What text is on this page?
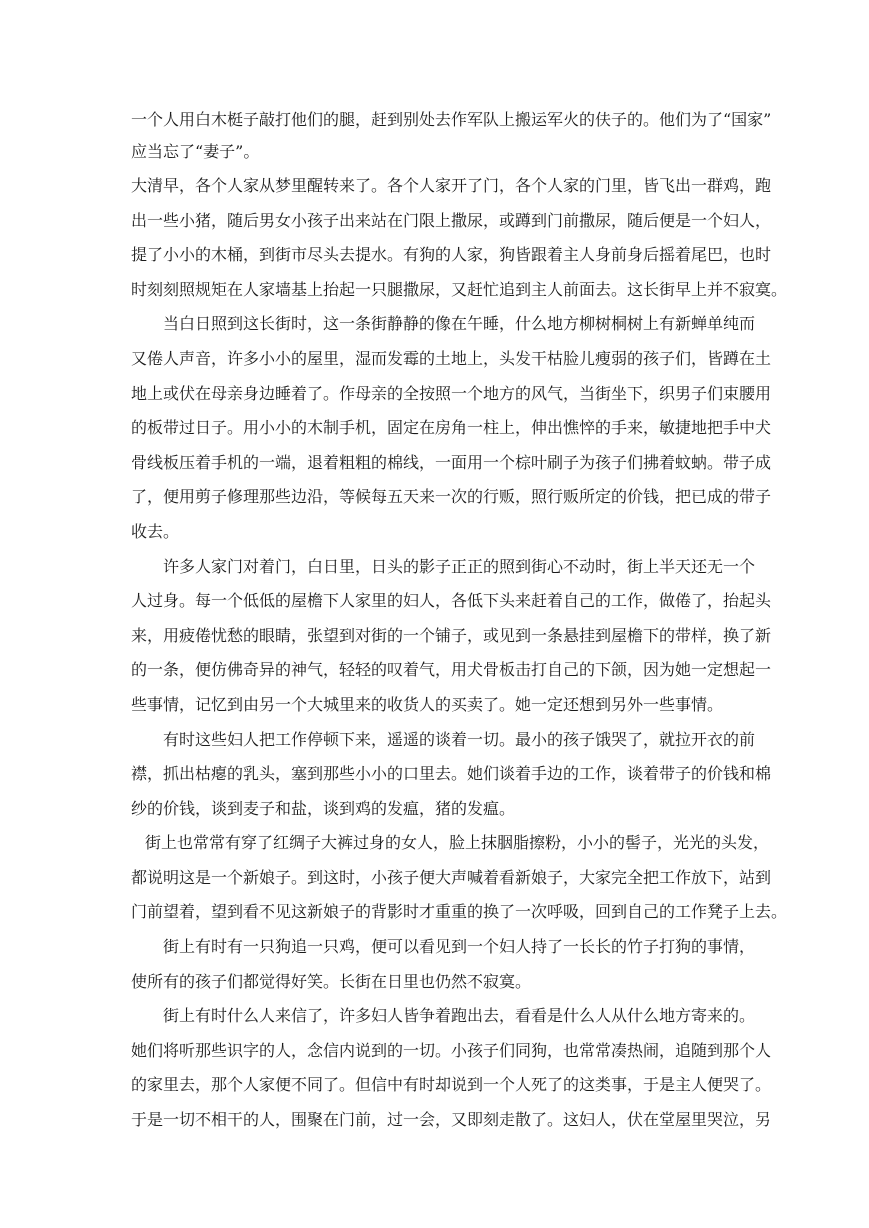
一个人用白木梃子敲打他们的腿，赶到别处去作军队上搬运军火的伕子的。他们为了“国家”
应当忘了“妻子”。
大清早，各个人家从梦里醒转来了。各个人家开了门，各个人家的门里，皆飞出一群鸡，跑
出一些小猪，随后男女小孩子出来站在门限上撒尿，或蹲到门前撒尿，随后便是一个妇人，
提了小小的木桶，到街市尽头去提水。有狗的人家，狗皆跟着主人身前身后摇着尾巴，也时
时刻刻照规矩在人家墙基上抬起一只腿撒尿，又赶忙追到主人前面去。这长街早上并不寂寞。
当白日照到这长街时，这一条街静静的像在午睡，什么地方柳树桐树上有新蝉单纯而
又倦人声音，许多小小的屋里，湿而发霉的土地上，头发干枯脸儿瘦弱的孩子们，皆蹲在土
地上或伏在母亲身边睡着了。作母亲的全按照一个地方的风气，当街坐下，织男子们束腰用
的板带过日子。用小小的木制手机，固定在房角一柱上，伸出憔悴的手来，敏捷地把手中犬
骨线板压着手机的一端，退着粗粗的棉线，一面用一个棕叶刷子为孩子们拂着蚊蚋。带子成
了，便用剪子修理那些边沿，等候每五天来一次的行贩，照行贩所定的价钱，把已成的带子
收去。
许多人家门对着门，白日里，日头的影子正正的照到街心不动时，街上半天还无一个
人过身。每一个低低的屋檐下人家里的妇人，各低下头来赶着自己的工作，做倦了，抬起头
来，用疲倦忧愁的眼睛，张望到对街的一个铺子，或见到一条悬挂到屋檐下的带样，换了新
的一条，便仿佛奇异的神气，轻轻的叹着气，用犬骨板击打自己的下颌，因为她一定想起一
些事情，记忆到由另一个大城里来的收货人的买卖了。她一定还想到另外一些事情。
有时这些妇人把工作停顿下来，遥遥的谈着一切。最小的孩子饿哭了，就拉开衣的前
襟，抓出枯瘪的乳头，塞到那些小小的口里去。她们谈着手边的工作，谈着带子的价钱和棉
纱的价钱，谈到麦子和盐，谈到鸡的发瘟，猪的发瘟。
街上也常常有穿了红绸子大裤过身的女人，脸上抹胭脂擦粉，小小的髻子，光光的头发，
都说明这是一个新娘子。到这时，小孩子便大声喊着看新娘子，大家完全把工作放下，站到
门前望着，望到看不见这新娘子的背影时才重重的换了一次呼吸，回到自己的工作凳子上去。
街上有时有一只狗追一只鸡，便可以看见到一个妇人持了一长长的竹子打狗的事情，
使所有的孩子们都觉得好笑。长街在日里也仍然不寂寞。
街上有时什么人来信了，许多妇人皆争着跑出去，看看是什么人从什么地方寄来的。
她们将听那些识字的人，念信内说到的一切。小孩子们同狗，也常常凑热闹，追随到那个人
的家里去，那个人家便不同了。但信中有时却说到一个人死了的这类事，于是主人便哭了。
于是一切不相干的人，围聚在门前，过一会，又即刻走散了。这妇人，伏在堂屋里哭泣，另
